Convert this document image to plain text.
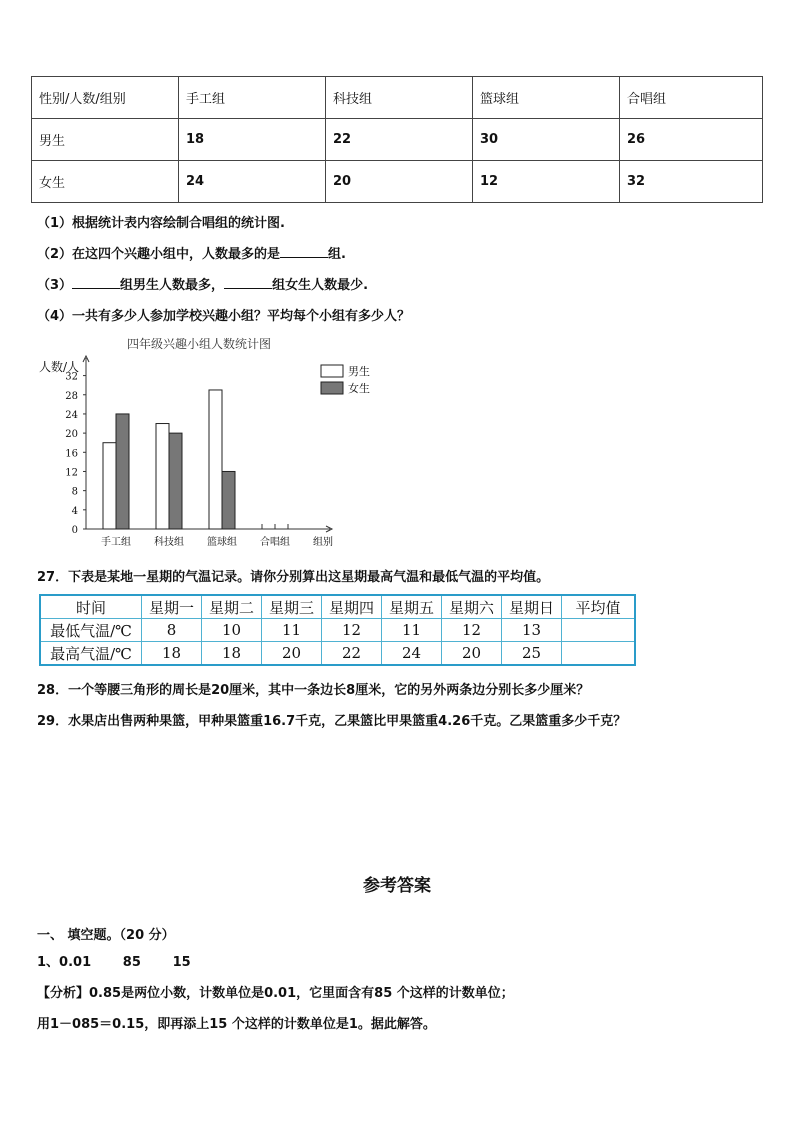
性别/人数/组别	手工组	科技组	篮球组	合唱组
男生	18	22	30	26
女生	24	20	12	32
（1）根据统计表内容绘制合唱组的统计图.
（2）在这四个兴趣小组中，人数最多的是	组.
（3）	组男生人数最多，	组女生人数最少.
（4）一共有多少人参加学校兴趣小组？平均每个小组有多少人？
四年级兴趣小组人数统计图
人数/人
0
4
8
12
16
20
24
28
32
手工组 科技组 篮球组 合唱组 组别
男生
女生
27．下表是某地一星期的气温记录。请你分别算出这星期最高气温和最低气温的平均值。
时间	星期一	星期二	星期三	星期四	星期五	星期六	星期日	平均值
最低气温/℃	8	10	11	12	11	12	13	
最高气温/℃	18	18	20	22	24	20	25	
28．一个等腰三角形的周长是20厘米，其中一条边长8厘米，它的另外两条边分别长多少厘米？
29．水果店出售两种果篮，甲种果篮重16.7千克，乙果篮比甲果篮重4.26千克。乙果篮重多少千克？
参考答案
一、 填空题。（20 分）
1、0.01       85       15
【分析】0.85是两位小数，计数单位是0.01，它里面含有85 个这样的计数单位；
用1－085＝0.15，即再添上15 个这样的计数单位是1。据此解答。
